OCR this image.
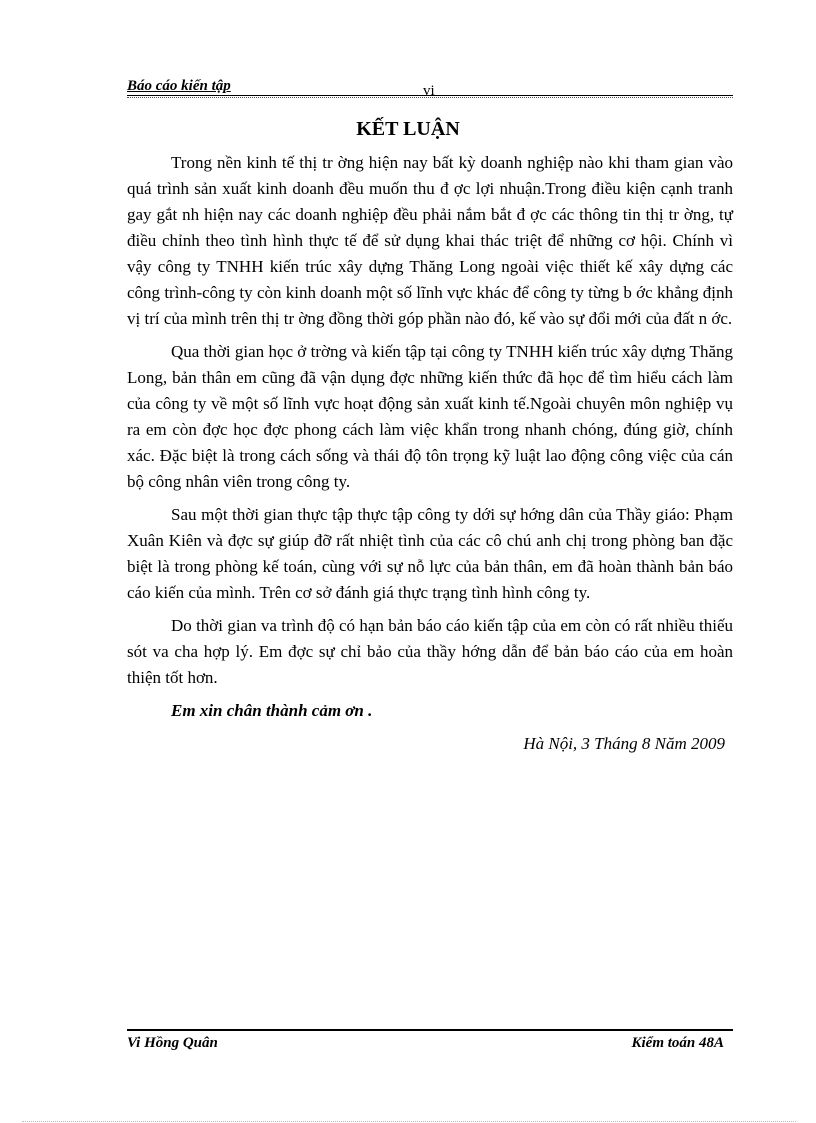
Báo cáo kiến tập	vi
KẾT LUẬN

Trong nền kinh tế thị tr ờng hiện nay bất kỳ doanh nghiệp nào khi tham gian vào quá trình sản xuất kinh doanh đều muốn thu đ ợc lợi nhuận.Trong điều kiện cạnh tranh gay gắt nh hiện nay các doanh nghiệp đều phải nắm bắt đ ợc các thông tin thị tr ờng, tự điều chỉnh theo tình hình thực tế để sử dụng khai thác triệt để những cơ hội. Chính vì vậy công ty TNHH kiến trúc xây dựng Thăng Long ngoài việc thiết kế xây dựng các công trình-công ty còn kinh doanh một số lĩnh vực khác để công ty từng b ớc khẳng định vị trí của mình trên thị tr ờng đồng thời góp phần nào đó, kế vào sự đổi mới của đất n ớc.

Qua thời gian học ở trờng và kiến tập tại công ty TNHH kiến trúc xây dựng Thăng Long, bản thân em cũng đã vận dụng đợc những kiến thức đã học để tìm hiểu cách làm của công ty về một số lĩnh vực hoạt động sản xuất kinh tế.Ngoài chuyên môn nghiệp vụ ra em còn đợc học đợc phong cách làm việc khẩn trong nhanh chóng, đúng giờ, chính xác. Đặc biệt là trong cách sống và thái độ tôn trọng kỹ luật lao động công việc của cán bộ công nhân viên trong công ty.

Sau một thời gian thực tập thực tập công ty dới sự hớng dân của Thầy giáo: Phạm Xuân Kiên và đợc sự giúp đỡ rất nhiệt tình của các cô chú anh chị trong phòng ban đặc biệt là trong phòng kế toán, cùng với sự nỗ lực của bản thân, em đã hoàn thành bản báo cáo kiến của mình. Trên cơ sở đánh giá thực trạng tình hình công ty.

Do thời gian va trình độ có hạn bản báo cáo kiến tập của em còn có rất nhiều thiếu sót va cha hợp lý. Em đợc sự chỉ bảo của thầy hớng dẫn để bản báo cáo của em hoàn thiện tốt hơn.

Em xin chân thành cảm ơn .

Hà Nội, 3 Tháng 8 Năm 2009

Vi Hồng Quân	Kiểm toán 48A
